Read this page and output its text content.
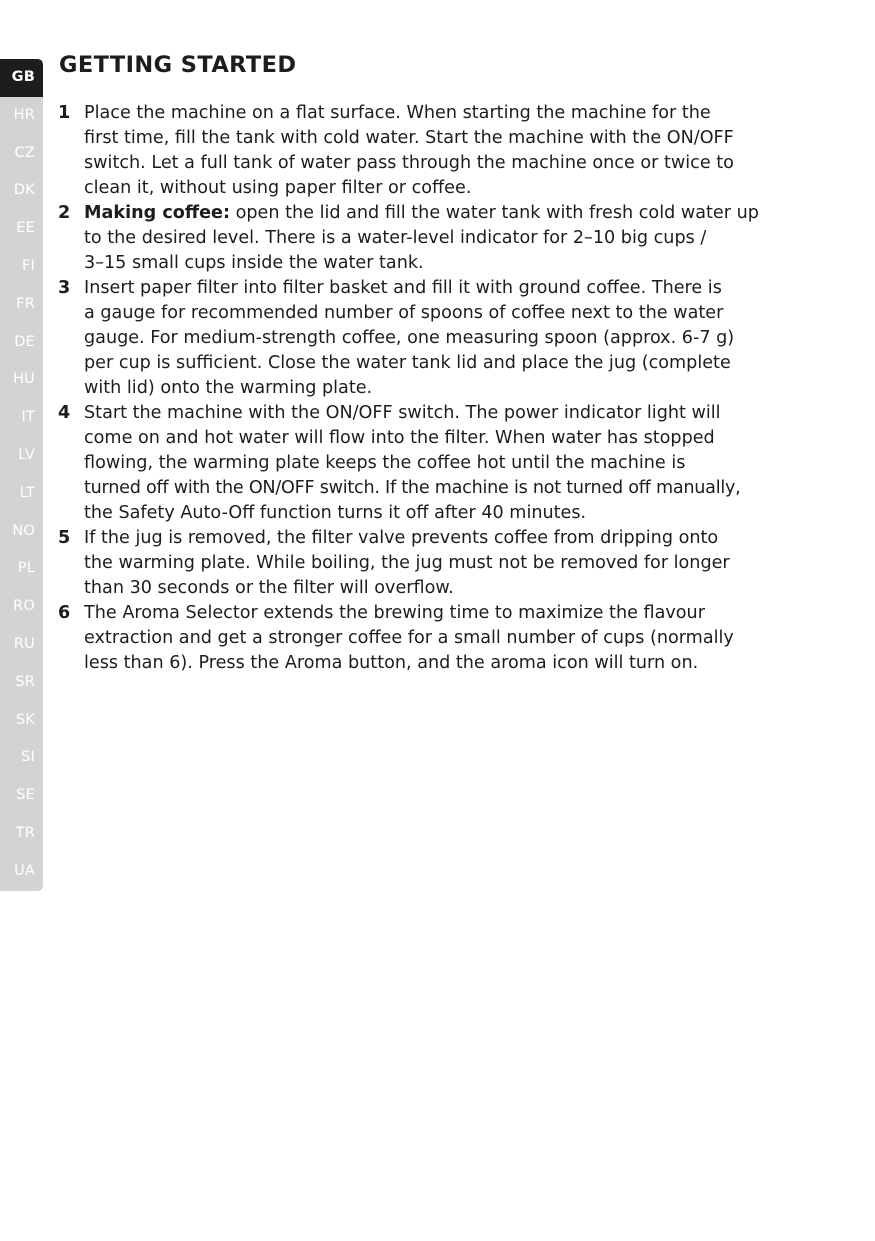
GB
HR
CZ
DK
EE
FI
FR
DE
HU
IT
LV
LT
NO
PL
RO
RU
SR
SK
SI
SE
TR
UA
GETTING STARTED
1 Place the machine on a flat surface. When starting the machine for the
first time, fill the tank with cold water. Start the machine with the ON/OFF
switch. Let a full tank of water pass through the machine once or twice to
clean it, without using paper filter or coffee.
2 Making coffee: open the lid and fill the water tank with fresh cold water up
to the desired level. There is a water-level indicator for 2–10 big cups /
3–15 small cups inside the water tank.
3 Insert paper filter into filter basket and fill it with ground coffee. There is
a gauge for recommended number of spoons of coffee next to the water
gauge. For medium-strength coffee, one measuring spoon (approx. 6-7 g)
per cup is sufficient. Close the water tank lid and place the jug (complete
with lid) onto the warming plate.
4 Start the machine with the ON/OFF switch. The power indicator light will
come on and hot water will flow into the filter. When water has stopped
flowing, the warming plate keeps the coffee hot until the machine is
turned off with the ON/OFF switch. If the machine is not turned off manually,
the Safety Auto-Off function turns it off after 40 minutes.
5 If the jug is removed, the filter valve prevents coffee from dripping onto
the warming plate. While boiling, the jug must not be removed for longer
than 30 seconds or the filter will overflow.
6 The Aroma Selector extends the brewing time to maximize the flavour
extraction and get a stronger coffee for a small number of cups (normally
less than 6). Press the Aroma button, and the aroma icon will turn on.
